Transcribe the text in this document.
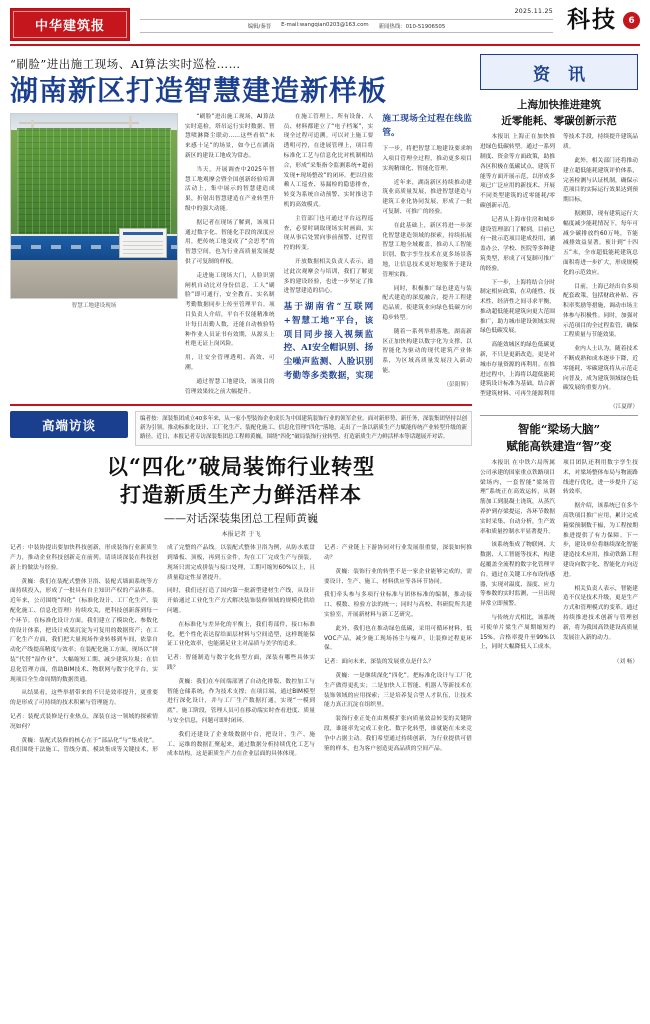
中华建筑报
2025.11.25
编辑/秦晋 E-mail:wangqian0203@163.com 新闻热线：010-51906505	科技	6
“刷脸”进出施工现场、AI算法实时巡检……
湖南新区打造智慧建造新样板
智慧工地建设现场

“刷脸”进出施工现场，AI算法实时巡检，塔吊运行实时数据、智慧喷淋降尘联动……这些看似“未来感十足”的场景，如今已在湖南新区的建设工地成为常态。

当天，开展调查中2025年智慧工地观摩会暨全国创新经验培训活动上，集中展示的智慧建造成果，折射出智慧建造在产业转型升级中的强大动能。

据记者在现场了解到，该项目通过数字化、智能化手段的深度应用，把传统工地变成了“会思考”的智慧空间，也为行业高质量发展提供了可复制的样板。

走进施工现场大门，人脸识别闸机自动比对身份信息，工人“刷脸”即可通行，安全教育、实名制考勤数据同步上传至管理平台。项目负责人介绍，平台不仅能精准统计每日出勤人数，还能自动核验特种作业人员证书有效期，从源头上杜绝无证上岗风险。

用，让安全管理透明、高效、可溯。

通过智慧工地建设，该项目的管理效果较之前大幅提升。

在施工管理上，所有设备、人员、材料都建立了“电子档案”，实现全过程可追溯。可以对上施工要透明可控，在进展管理上，项目将标准化工艺与信息化比对机制相结合，形成“采集指令监测系统+超前发现+现场整改”的闭环。把以往依赖人工巡查、易漏检的隐患排查，转变为系统自动预警、实时推送手机的高效模式。

主管部门也可通过平台远程巡查，必要时调取现场实时画面，实现从事后处置向事前预警、过程管控的转变。

开放数据相关负责人表示，通过此次观摩会与培训，我们了解更多的建设经验，也进一步坚定了推进智慧建造的信心。

基于湖南省“互联网+智慧工地”平台，该项目同步接入视频监控、AI安全帽识别、扬尘噪声监测、人脸识别考勤等多类数据，实现施工现场全过程在线监管。

下一步，将把智慧工地建设要求纳入项目管理全过程，推动更多项目实现精细化、智能化管理。

近年来，湖南新区持续推动建筑业高质量发展，推进智慧建造与建筑工业化协同发展，形成了一批可复制、可推广的经验。

在此基础上，新区将进一步深化智慧建造领域的探索，持续拓展智慧工地全域覆盖，推动人工智能识别、数字孪生技术在更多场景落地，让信息技术更好地服务于建设管理实践。

同时，积极推广绿色建造与装配式建造的深度融合，提升工程建造品质，使建筑业向绿色低碳方向稳步转型。

随着一系列举措落地，湖南新区正加快构建以数字化为支撑、以智能化为驱动的现代建筑产业体系，为区域高质量发展注入新动能。

（彭阳辉）
高端访谈	编者按：深装集团成立40多年来，从一家小型装饰企业成长为中国建筑装饰行业的领军企业。面对新形势、新任务，深装集团坚持以创新为引领，推动标准化设计、工厂化生产、装配化施工、信息化管理“四化”落地，走出了一条以新质生产力赋能传统产业转型升级的新路径。近日，本报记者专访深装集团总工程师黄巍，围绕“四化”破局装饰行业转型、打造新质生产力鲜活样本等话题展开对话。
以“四化”破局装饰行业转型
打造新质生产力鲜活样本
——对话深装集团总工程师黄巍
本报记者 于飞

记者：中装协提出要加快科技创新，形成装饰行业新质生产力，推动企业科技创新走在前列。请谈谈深装在科技创新上的做法与经验。

黄巍：我们在装配式整体卫浴、装配式墙面系统等方面持续投入，形成了一批具有自主知识产权的产品体系。近年来，公司围绕“四化”（标准化设计、工厂化生产、装配化施工、信息化管理）持续攻关，把科技创新落到每一个环节。在标准化设计方面，我们建立了模块化、参数化的设计体系，把设计成果沉淀为可复用的数据资产；在工厂化生产方面，我们把大量现场作业转移到车间，依靠自动化产线提高精度与效率；在装配化施工方面，现场以“拼装”代替“湿作业”，大幅缩短工期、减少建筑垃圾；在信息化管理方面，借助BIM技术、物联网与数字化平台，实现项目全生命周期的数据贯通。

从结果看，这些举措带来的不只是效率提升，更重要的是形成了可持续的技术积累与管理能力。

记者：装配式装修是行业热点，深装在这一领域的探索情况如何？

黄巍：装配式装修的核心在于“部品化”与“集成化”。我们围绕干法施工、管线分离、模块集成等关键技术，形成了完整的产品线。以装配式整体卫浴为例，从防水底盘到墙板、顶板，再到五金件，均在工厂完成生产与预装，现场只需完成拼装与接口处理，工期可缩短60%以上，且质量稳定性显著提升。

同时，我们还打造了国内第一批新型建材生产线，从设计开始通过工业化生产方式解决装饰装修领域的规模化供给问题。

在标准化与差异化的平衡上，我们将部件、接口标准化，把个性化表达留给面层材料与空间造型，这样既能保证工业化效率，也能满足业主对品质与美学的追求。

记者：智能制造与数字化转型方面，深装有哪些具体实践？

黄巍：我们在车间端部署了自动化排版、数控加工与智能仓储系统，作为技术支撑；在项目端，通过BIM模型进行深化设计，并与工厂生产数据打通，实现“一模到底”。施工阶段，管理人员可在移动端实时查看进度、质量与安全信息，问题可即时闭环。

我们还建设了企业级数据中台，把设计、生产、施工、运维的数据汇聚起来，通过数据分析持续优化工艺与成本结构，这是新质生产力在企业层面的具体体现。

记者：产业链上下游协同对行业发展很重要，深装如何推动？

黄巍：装饰行业的转型不是一家企业能够完成的，需要设计、生产、施工、材料供应等各环节协同。

我们牵头参与多项行业标准与团体标准的编制，推动接口、模数、检验方法的统一；同时与高校、科研院所共建实验室，开展新材料与新工艺研究。

此外，我们也在推动绿色低碳，采用可循环材料、低VOC产品，减少施工现场扬尘与噪声，让装修过程更环保。

记者：面向未来，深装的发展重点是什么？

黄巍：一是继续深化“四化”，把标准化设计与工厂化生产做得更扎实；二是加快人工智能、机器人等新技术在装饰领域的应用探索；三是培养复合型人才队伍，让技术能力真正沉淀在组织里。

装饰行业正处在由规模扩张向质量效益转变的关键阶段，谁能率先完成工业化、数字化转型，谁就能在未来竞争中占据主动。我们希望通过持续创新，为行业提供可借鉴的样本，也为客户创造更高品质的空间产品。

资 讯
上海加快推进建筑
近零能耗、零碳创新示范

本报讯 上海正在加快推进绿色低碳转型。通过一系列制度、资金等方面政策，助推各区积极在低碳试点、建筑节能等方面开展示范，以形成多项已广泛应用的新技术、开展不同类型建筑的近零能耗/零碳创新示范。

记者从上海市住房和城乡建设管理部门了解到，目前已有一批示范项目建成投用，涵盖办公、学校、医院等多种建筑类型，形成了可复制可推广的经验。

下一步，上海将结合分时制定相应政策，在功能性、技术性、经济性之间寻求平衡，推动超低能耗建筑向更大范围推广，助力城市建设领域实现绿色低碳发展。

高能效城区的绿色低碳更新，不只是更新改造，更是对城市存量资源的再利用。在推进过程中，上海将以超低能耗建筑设计标准为基础，结合新型建筑材料、可再生能源利用等技术手段，持续提升建筑品质。

此外，相关部门还将推动建立超低能耗建筑评价体系，完善检测与认证机制，确保示范项目的实际运行效果达到预期目标。

据测算，现有建筑运行大幅度减少能耗情况下，每年可减少碳排放约60万吨，节能减排效益显著。预计到“十四五”末，全市超低能耗建筑总面积将进一步扩大，形成规模化的示范效应。

目前，上海已经出台多项配套政策，包括财政补贴、容积率奖励等措施，调动市场主体参与积极性。同时，加强对示范项目的全过程监管，确保工程质量与节能效果。

业内人士认为，随着技术不断成熟和成本逐步下降，近零能耗、零碳建筑将从示范走向普及，成为建筑领域绿色低碳发展的重要方向。

（江夏群）
智能“梁场大脑”
赋能高铁建造“智”变

本报讯 在中铁六局所属公司承建的国家重点铁路项目梁场内，一套智能“梁场管理”系统正在高效运转，从钢筋加工到混凝土浇筑，从蒸汽养护到存梁提运，各环节数据实时采集、自动分析，生产效率和质量控制水平显著提升。

该系统集成了物联网、大数据、人工智能等技术，构建起覆盖全流程的数字化管理平台。通过在关键工序布设传感器，实现对温度、湿度、应力等参数的实时监测，一旦出现异常立即预警。

与传统方式相比，该系统可使单片梁生产周期缩短约15%，合格率提升至99%以上，同时大幅降低人工成本。项目团队还利用数字孪生技术，对梁场整体布局与物流路线进行优化，进一步提升了运转效率。

据介绍，该系统已在多个高铁项目推广应用，累计完成箱梁预制数千榀，为工程按期推进提供了有力保障。下一步，建设单位将继续深化智能建造技术应用，推动铁路工程建设向数字化、智能化方向迈进。

相关负责人表示，智能建造不仅是技术升级，更是生产方式和管理模式的变革。通过持续推进技术创新与管理创新，将为我国高铁建设高质量发展注入新的动力。

（刘 畅）
